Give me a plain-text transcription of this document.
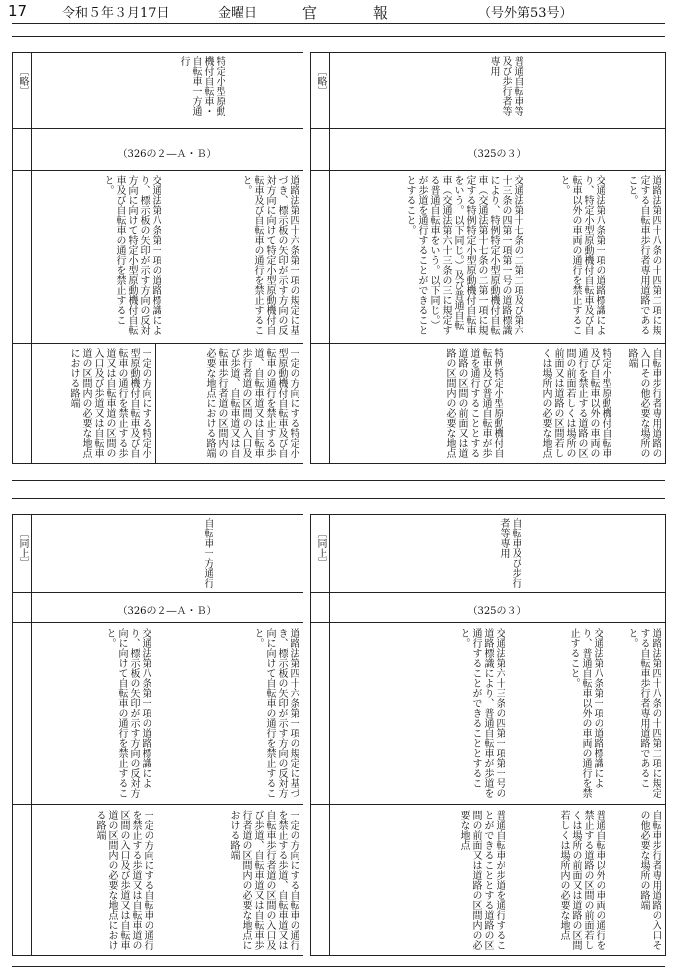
17	令和５年３月17日	金曜日	官 報	（号外第53号）
〔略〕	特定小型原動機付自転車・自転車一方通行
（326の２―Ａ・Ｂ）
道路法第四十六条第一項の規定に基づき、標示板の矢印が示す方向の反対方向に向けて特定小型原動機付自転車及び自転車の通行を禁止すること。
交通法第八条第一項の道路標識により、標示板の矢印が示す方向の反対方向に向けて特定小型原動機付自転車及び自転車の通行を禁止すること。
一定の方向にする特定小型原動機付自転車及び自転車の通行を禁止する歩道、自転車道又は自転車歩行者道の区間の入口及び歩道、自転車道又は自転車歩行者道の区間内の必要な地点における路端
一定の方向にする特定小型原動機付自転車及び自転車の通行を禁止する歩道又は自転車道の区間の入口及び歩道又は自転車道の区間内の必要な地点における路端
〔略〕	普通自転車等及び歩行者等専用
（325の３）
道路法第四十八条の十四第二項に規定する自転車歩行者専用道路であること。
交通法第八条第一項の道路標識により、特定小型原動機付自転車及び自転車以外の車両の通行を禁止すること。
交通法第十七条の二第二項及び第六十三条の四第一項第一号の道路標識により、特例特定小型原動機付自転車（交通法第十七条の二第一項に規定する特例特定小型原動機付自転車をいう。以下同じ。）及び普通自転車（交通法第六十三条の三に規定する普通自転車をいう。以下同じ。）が歩道を通行することができることとすること。
自転車歩行者専用道路の入口その他必要な場所の路端
特定小型原動機付自転車及び自転車以外の車両の通行を禁止する道路の区間の前面若しくは場所の前面又は道路の区間若しくは場所内の必要な地点
特例特定小型原動機付自転車及び普通自転車が歩道を通行することとする道路の区間の前面又は道路の区間内の必要な地点
〔同上〕	自転車一方通行
（326の２―Ａ・Ｂ）
道路法第四十六条第一項の規定に基づき、標示板の矢印が示す方向の反対方向に向けて自転車の通行を禁止すること。
交通法第八条第一項の道路標識により、標示板の矢印が示す方向の反対方向に向けて自転車の通行を禁止すること。
一定の方向にする自転車の通行を禁止する歩道、自転車道又は自転車歩行者道の区間の入口及び歩道、自転車道又は自転車歩行者道の区間内の必要な地点における路端
一定の方向にする自転車の通行を禁止する歩道又は自転車道の区間の入口及び歩道又は自転車道の区間内の必要な地点における路端
〔同上〕	自転車及び歩行者等専用
（325の３）
道路法第四十八条の十四第二項に規定する自転車歩行者専用道路であること。
交通法第八条第一項の道路標識により、普通自転車以外の車両の通行を禁止すること。
交通法第六十三条の四第一項第一号の道路標識により、普通自転車が歩道を通行することができることとすること。
自転車歩行者専用道路の入口その他必要な場所の路端
普通自転車以外の車両の通行を禁止する道路の区間の前面若しくは場所の前面又は道路の区間若しくは場所内の必要な地点
普通自転車が歩道を通行することができることとする道路の区間の前面又は道路の区間内の必要な地点
